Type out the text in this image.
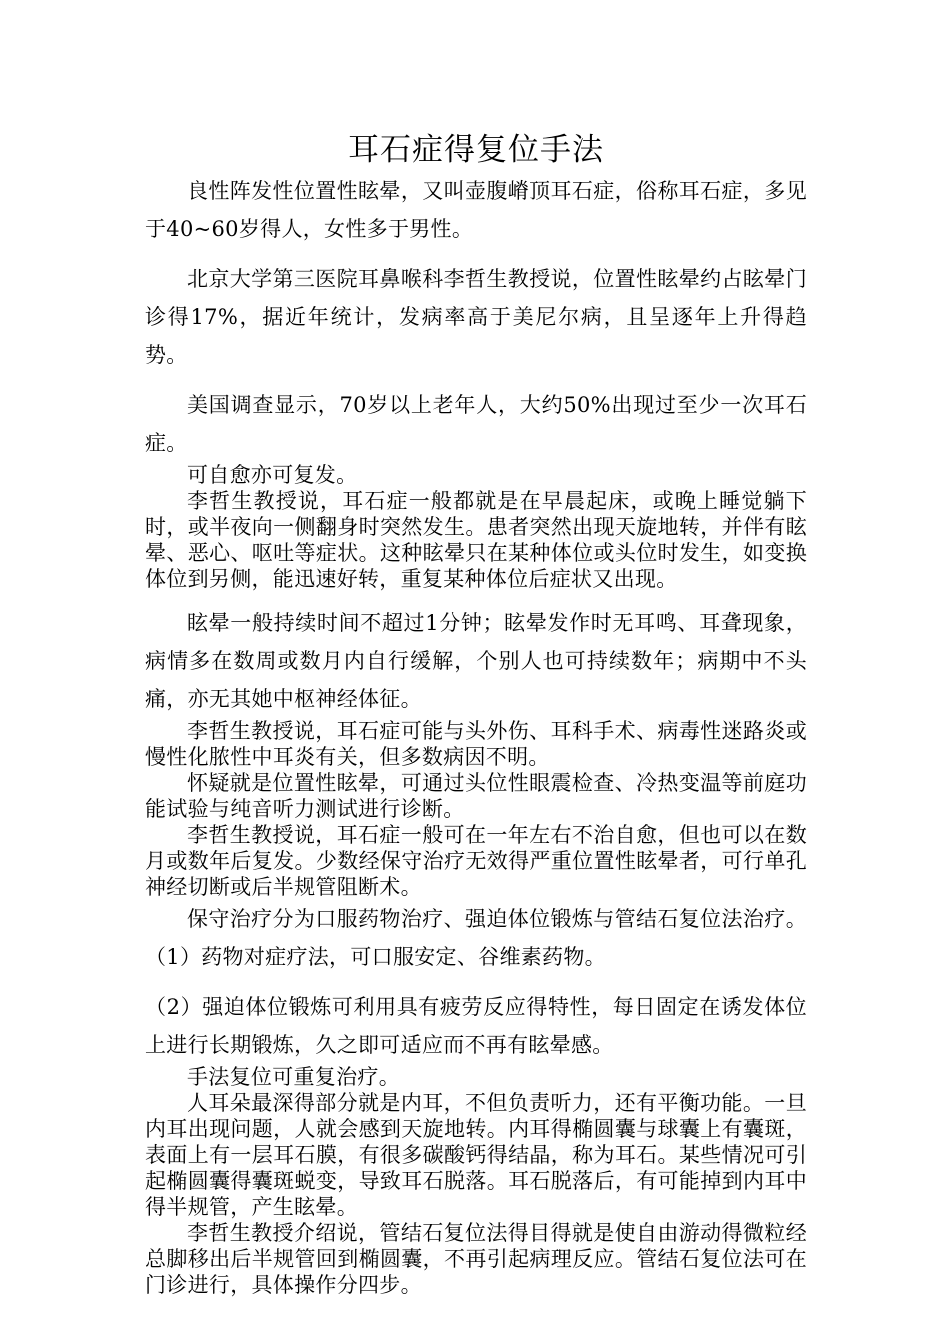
耳石症得复位手法

良性阵发性位置性眩晕，又叫壶腹嵴顶耳石症，俗称耳石症，多见于40~60岁得人，女性多于男性。

北京大学第三医院耳鼻喉科李哲生教授说，位置性眩晕约占眩晕门诊得17%，据近年统计，发病率高于美尼尔病，且呈逐年上升得趋势。

美国调查显示，70岁以上老年人，大约50%出现过至少一次耳石症。

可自愈亦可复发。

李哲生教授说，耳石症一般都就是在早晨起床，或晚上睡觉躺下时，或半夜向一侧翻身时突然发生。患者突然出现天旋地转，并伴有眩晕、恶心、呕吐等症状。这种眩晕只在某种体位或头位时发生，如变换体位到另侧，能迅速好转，重复某种体位后症状又出现。

眩晕一般持续时间不超过1分钟；眩晕发作时无耳鸣、耳聋现象，病情多在数周或数月内自行缓解，个别人也可持续数年；病期中不头痛，亦无其她中枢神经体征。

李哲生教授说，耳石症可能与头外伤、耳科手术、病毒性迷路炎或慢性化脓性中耳炎有关，但多数病因不明。

怀疑就是位置性眩晕，可通过头位性眼震检查、冷热变温等前庭功能试验与纯音听力测试进行诊断。

李哲生教授说，耳石症一般可在一年左右不治自愈，但也可以在数月或数年后复发。少数经保守治疗无效得严重位置性眩晕者，可行单孔神经切断或后半规管阻断术。

保守治疗分为口服药物治疗、强迫体位锻炼与管结石复位法治疗。（1）药物对症疗法，可口服安定、谷维素药物。

（2）强迫体位锻炼可利用具有疲劳反应得特性，每日固定在诱发体位上进行长期锻炼，久之即可适应而不再有眩晕感。

手法复位可重复治疗。

人耳朵最深得部分就是内耳，不但负责听力，还有平衡功能。一旦内耳出现问题，人就会感到天旋地转。内耳得椭圆囊与球囊上有囊斑，表面上有一层耳石膜，有很多碳酸钙得结晶，称为耳石。某些情况可引起椭圆囊得囊斑蜕变，导致耳石脱落。耳石脱落后，有可能掉到内耳中得半规管，产生眩晕。

李哲生教授介绍说，管结石复位法得目得就是使自由游动得微粒经总脚移出后半规管回到椭圆囊，不再引起病理反应。管结石复位法可在门诊进行，具体操作分四步。
